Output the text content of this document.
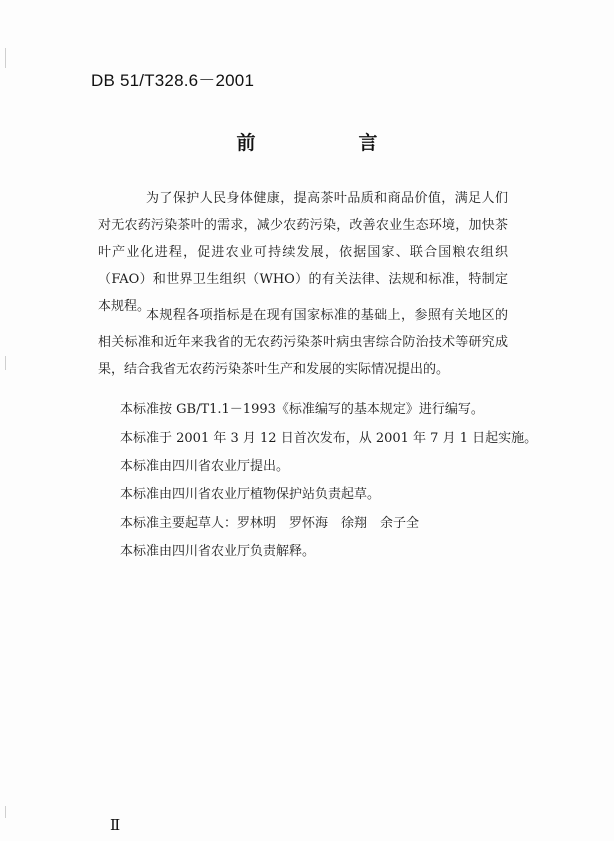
DB 51/T328.6－2001
前　言

为了保护人民身体健康，提高茶叶品质和商品价值，满足人们对无农药污染茶叶的需求，减少农药污染，改善农业生态环境，加快茶叶产业化进程，促进农业可持续发展，依据国家、联合国粮农组织（FAO）和世界卫生组织（WHO）的有关法律、法规和标准，特制定本规程。

本规程各项指标是在现有国家标准的基础上，参照有关地区的相关标准和近年来我省的无农药污染茶叶病虫害综合防治技术等研究成果，结合我省无农药污染茶叶生产和发展的实际情况提出的。

本标准按 GB/T1.1－1993《标准编写的基本规定》进行编写。
本标准于 2001 年 3 月 12 日首次发布，从 2001 年 7 月 1 日起实施。
本标准由四川省农业厅提出。
本标准由四川省农业厅植物保护站负责起草。
本标准主要起草人：罗林明　罗怀海　徐翔　余子全
本标准由四川省农业厅负责解释。
Ⅱ
